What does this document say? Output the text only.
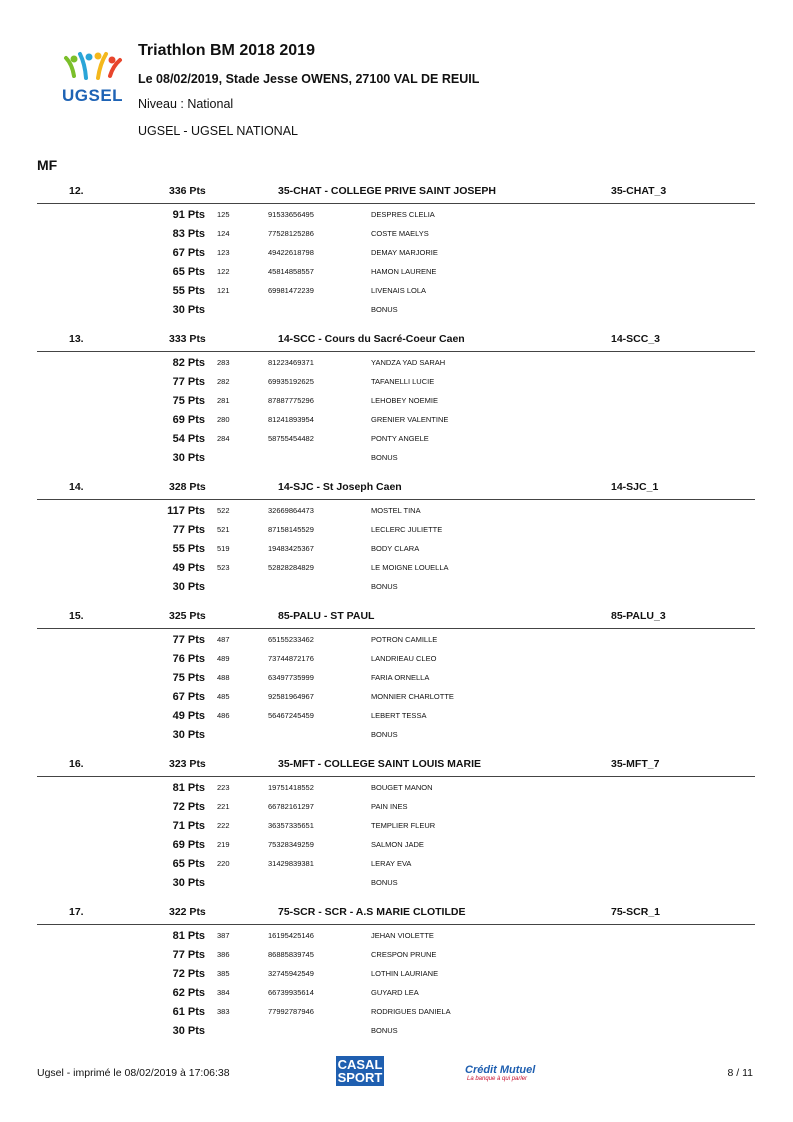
UGSEL
Triathlon BM 2018 2019
Le 08/02/2019, Stade Jesse OWENS, 27100 VAL DE REUIL
Niveau : National
UGSEL - UGSEL NATIONAL
MF
12.	336 Pts	35-CHAT - COLLEGE PRIVE SAINT JOSEPH	35-CHAT_3
91 Pts 125	91533656495	DESPRES CLELIA
83 Pts 124	77528125286	COSTE MAELYS
67 Pts 123	49422618798	DEMAY MARJORIE
65 Pts 122	45814858557	HAMON LAURENE
55 Pts 121	69981472239	LIVENAIS LOLA
30 Pts	BONUS
13.	333 Pts	14-SCC - Cours du Sacré-Coeur Caen	14-SCC_3
82 Pts 283	81223469371	YANDZA YAD SARAH
77 Pts 282	69935192625	TAFANELLI LUCIE
75 Pts 281	87887775296	LEHOBEY NOEMIE
69 Pts 280	81241893954	GRENIER VALENTINE
54 Pts 284	58755454482	PONTY ANGELE
30 Pts	BONUS
14.	328 Pts	14-SJC - St Joseph Caen	14-SJC_1
117 Pts 522	32669864473	MOSTEL TINA
77 Pts 521	87158145529	LECLERC JULIETTE
55 Pts 519	19483425367	BODY CLARA
49 Pts 523	52828284829	LE MOIGNE LOUELLA
30 Pts	BONUS
15.	325 Pts	85-PALU - ST PAUL	85-PALU_3
77 Pts 487	65155233462	POTRON CAMILLE
76 Pts 489	73744872176	LANDRIEAU CLEO
75 Pts 488	63497735999	FARIA ORNELLA
67 Pts 485	92581964967	MONNIER CHARLOTTE
49 Pts 486	56467245459	LEBERT TESSA
30 Pts	BONUS
16.	323 Pts	35-MFT - COLLEGE SAINT LOUIS MARIE	35-MFT_7
81 Pts 223	19751418552	BOUGET MANON
72 Pts 221	66782161297	PAIN INES
71 Pts 222	36357335651	TEMPLIER FLEUR
69 Pts 219	75328349259	SALMON JADE
65 Pts 220	31429839381	LERAY EVA
30 Pts	BONUS
17.	322 Pts	75-SCR - SCR - A.S MARIE CLOTILDE	75-SCR_1
81 Pts 387	16195425146	JEHAN VIOLETTE
77 Pts 386	86885839745	CRESPON PRUNE
72 Pts 385	32745942549	LOTHIN LAURIANE
62 Pts 384	66739935614	GUYARD LEA
61 Pts 383	77992787946	RODRIGUES DANIELA
30 Pts	BONUS
Ugsel - imprimé le 08/02/2019 à 17:06:38
CASAL
SPORT	Crédit Mutuel
La banque à qui parler	8 / 11
